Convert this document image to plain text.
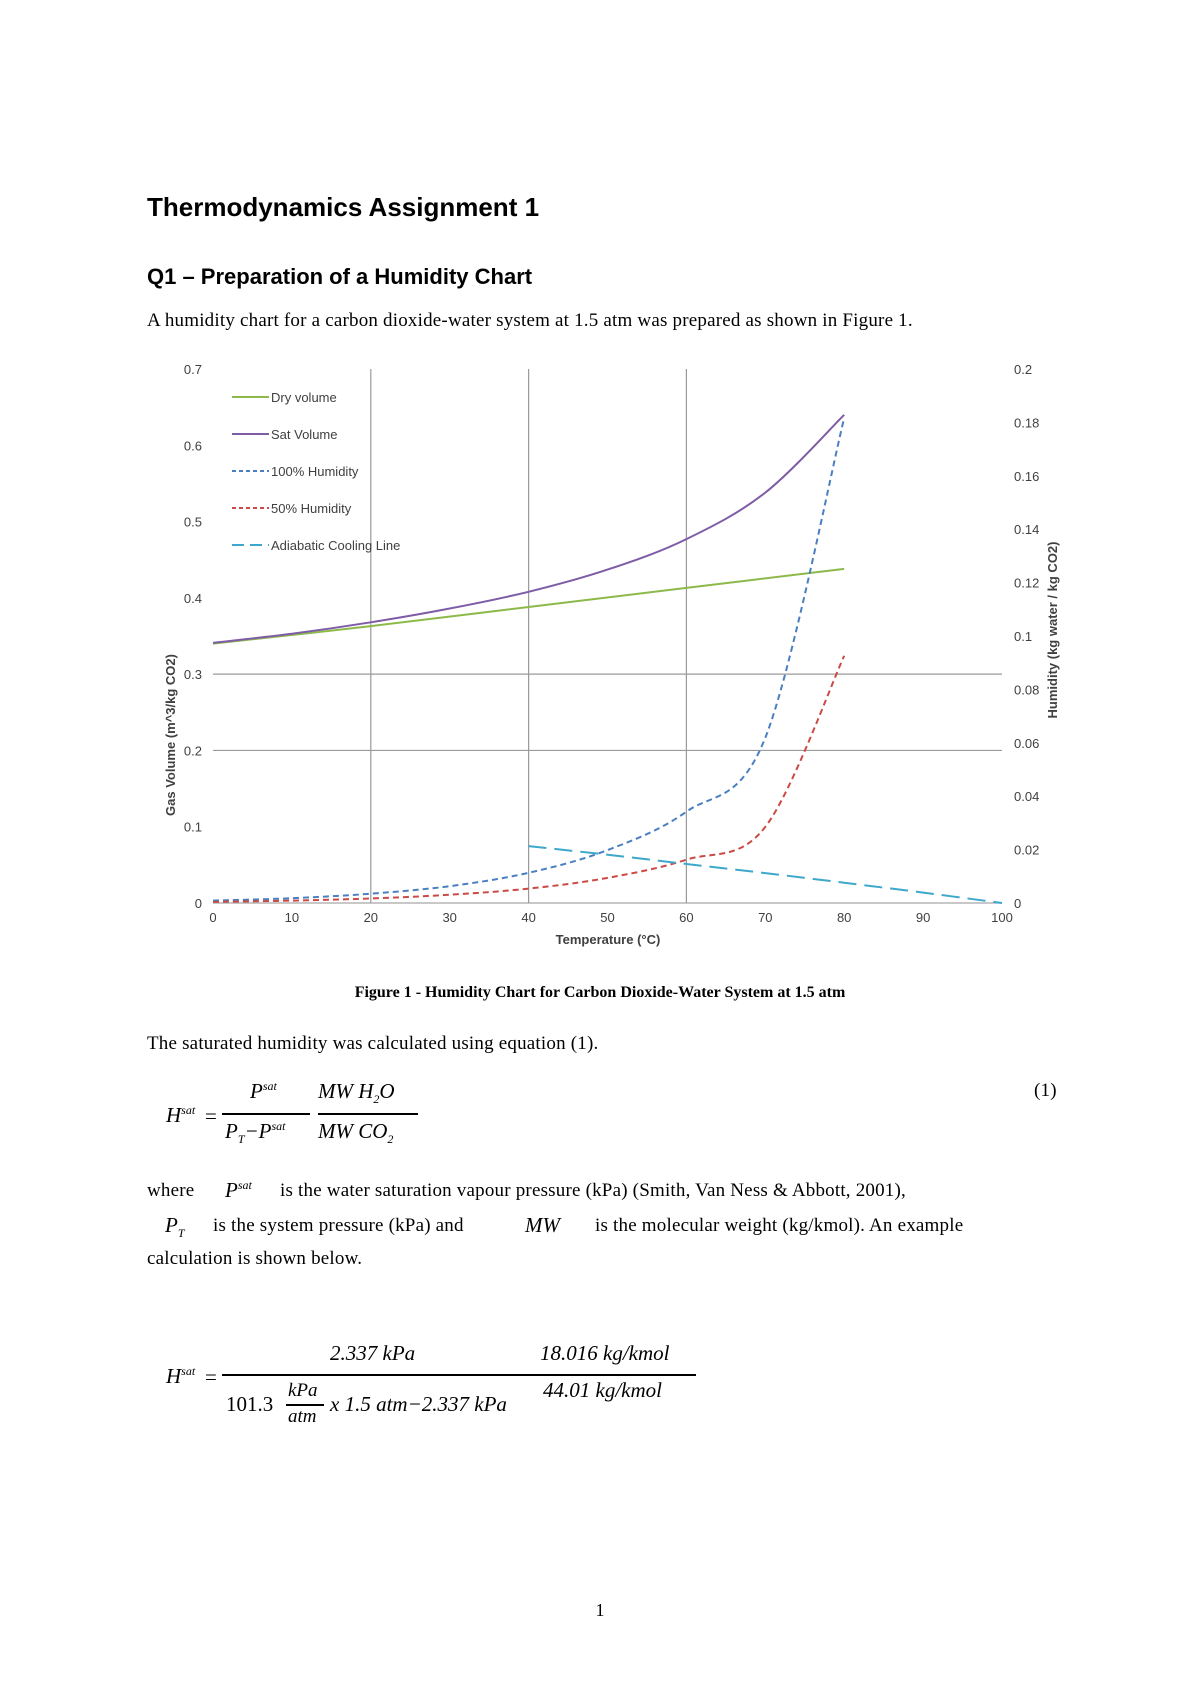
Thermodynamics Assignment 1
Q1 – Preparation of a Humidity Chart
A humidity chart for a carbon dioxide-water system at 1.5 atm was prepared as shown in Figure 1.
0	10	20	30	40	50	60	70	80	90	100
0
0.1
0.2
0.3
0.4
0.5
0.6
0.7
0
0.02
0.04
0.06
0.08
0.1
0.12
0.14
0.16
0.18
0.2
Dry volume
Sat Volume
100% Humidity
50% Humidity
Adiabatic Cooling Line
Temperature (°C)
Gas Volume (m^3/kg CO2)
Humidity (kg water / kg CO2)
Figure 1 - Humidity Chart for Carbon Dioxide-Water System at 1.5 atm
The saturated humidity was calculated using equation (1).
$H^{sat}$ =
$P^{sat}$
$P_T-P^{sat}$
MW $H_2O$
MW $CO_2$
(1)
where $P^{sat}$ is the water saturation vapour pressure (kPa) (Smith, Van Ness & Abbott, 2001),
$P_T$ is the system pressure (kPa) and	MW is the molecular weight (kg/kmol). An example
calculation is shown below.
$H^{sat}$ =
2.337 kPa
101.3
kPa
atm
x 1.5 atm−2.337 kPa
18.016 kg/kmol
44.01 kg/kmol
1
